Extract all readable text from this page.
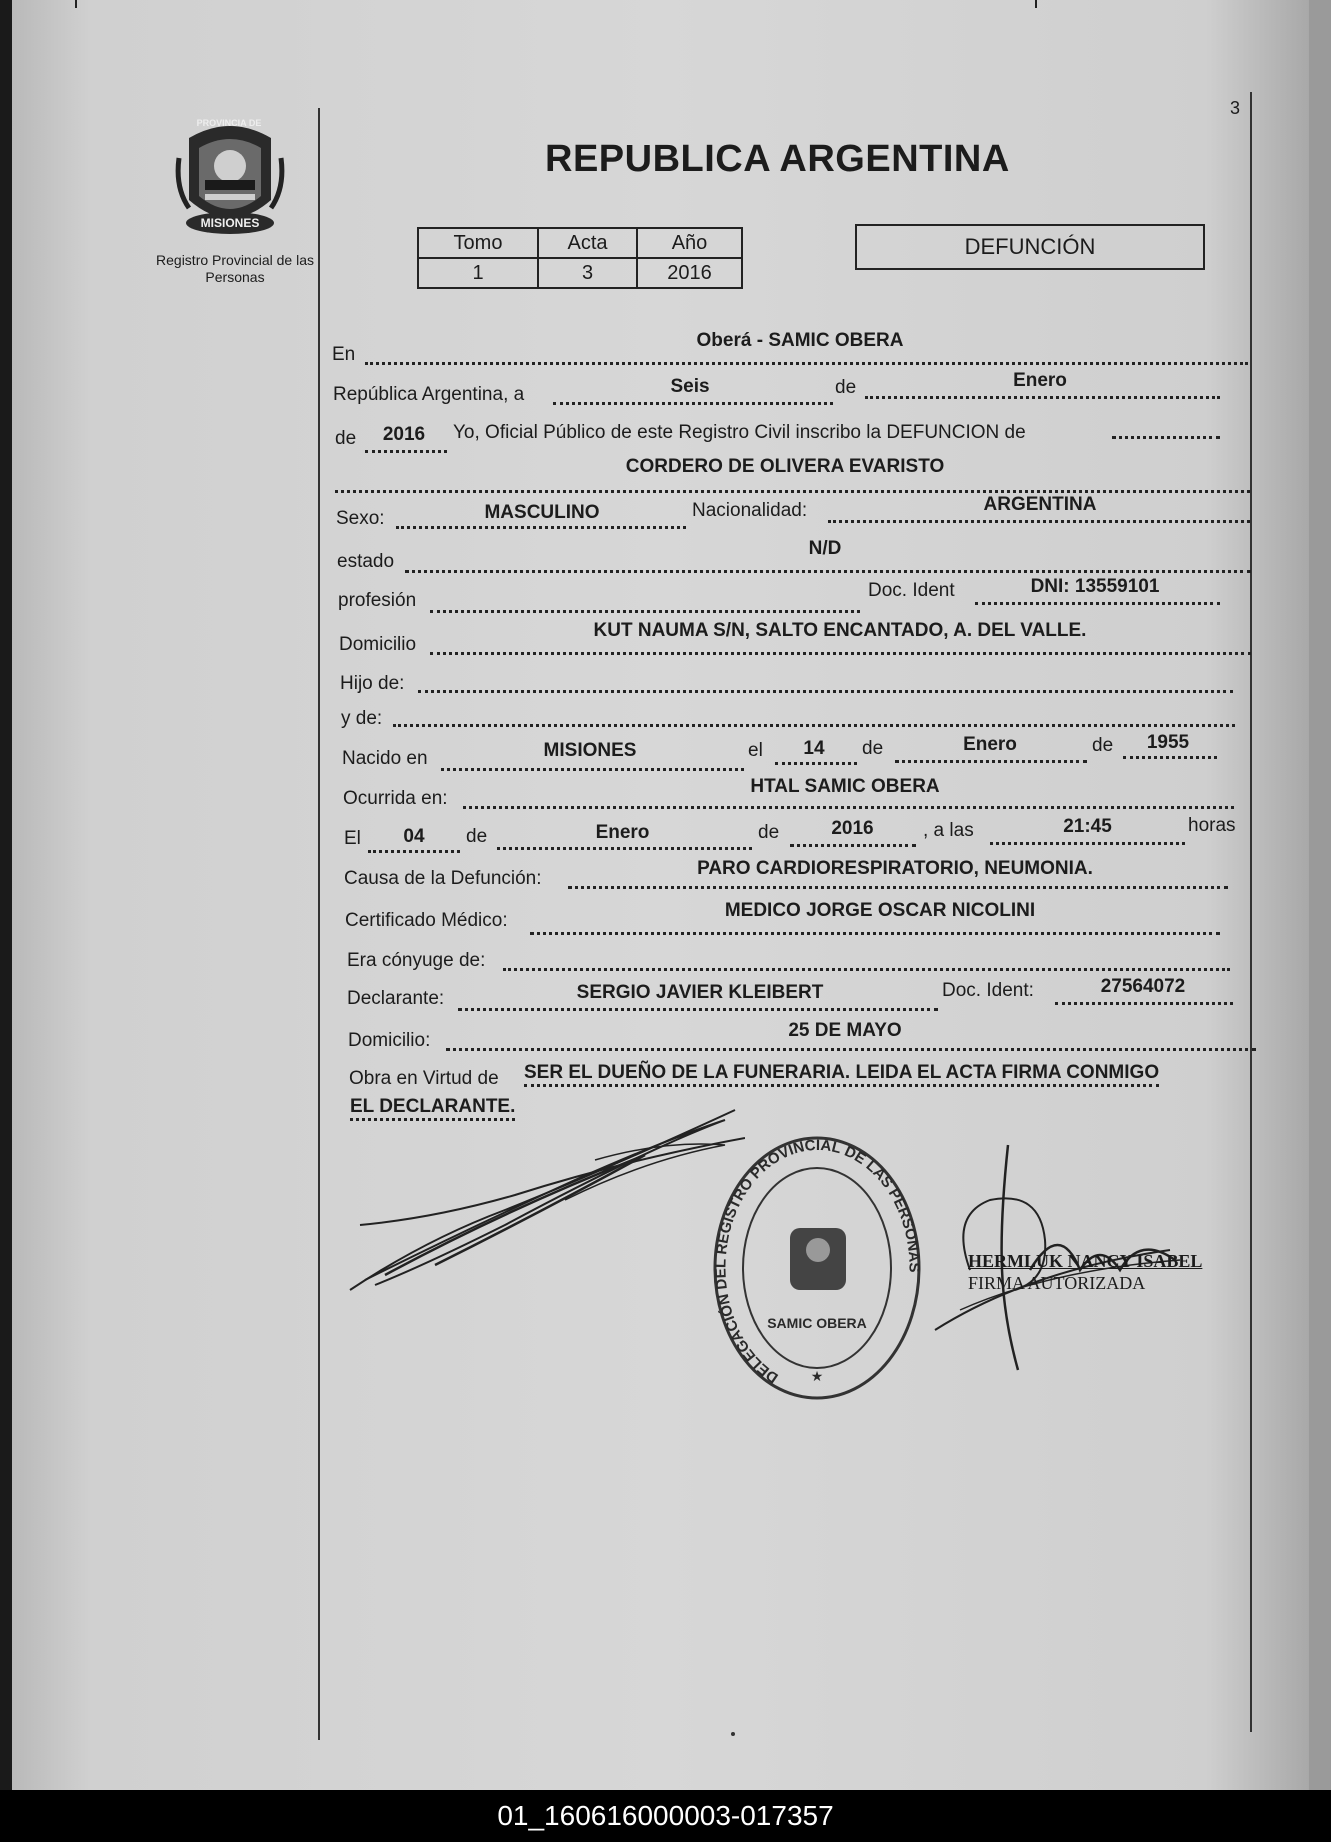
3
PROVINCIA DE
MISIONES
Registro Provincial de las Personas
REPUBLICA ARGENTINA
Tomo	Acta	Año
1	3	2016
DEFUNCIÓN
En
Oberá - SAMIC OBERA
República Argentina, a	Seis	de	Enero
de	2016	Yo, Oficial Público de este Registro Civil inscribo la DEFUNCION de
CORDERO DE OLIVERA EVARISTO
Sexo:	MASCULINO	Nacionalidad:	ARGENTINA
estado
N/D
profesión	Doc. Ident	DNI: 13559101
Domicilio
KUT NAUMA S/N, SALTO ENCANTADO, A. DEL VALLE.
Hijo de:
y de:
Nacido en	MISIONES	el	14	de	Enero	de	1955
Ocurrida en:
HTAL SAMIC OBERA
El	04	de	Enero	de	2016	, a las	21:45	horas
Causa de la Defunción:	PARO CARDIORESPIRATORIO, NEUMONIA.
Certificado Médico:	MEDICO JORGE OSCAR NICOLINI
Era cónyuge de:
Declarante:	SERGIO JAVIER KLEIBERT	Doc. Ident:	27564072
Domicilio:	25 DE MAYO
Obra en Virtud de SER EL DUEÑO DE LA FUNERARIA. LEIDA EL ACTA FIRMA CONMIGO
EL DECLARANTE.
DELEGACIÓN DEL REGISTRO PROVINCIAL DE LAS PERSONAS
SAMIC OBERA
★
HERMLUK NANCY ISABEL
FIRMA AUTORIZADA
01_160616000003-017357
